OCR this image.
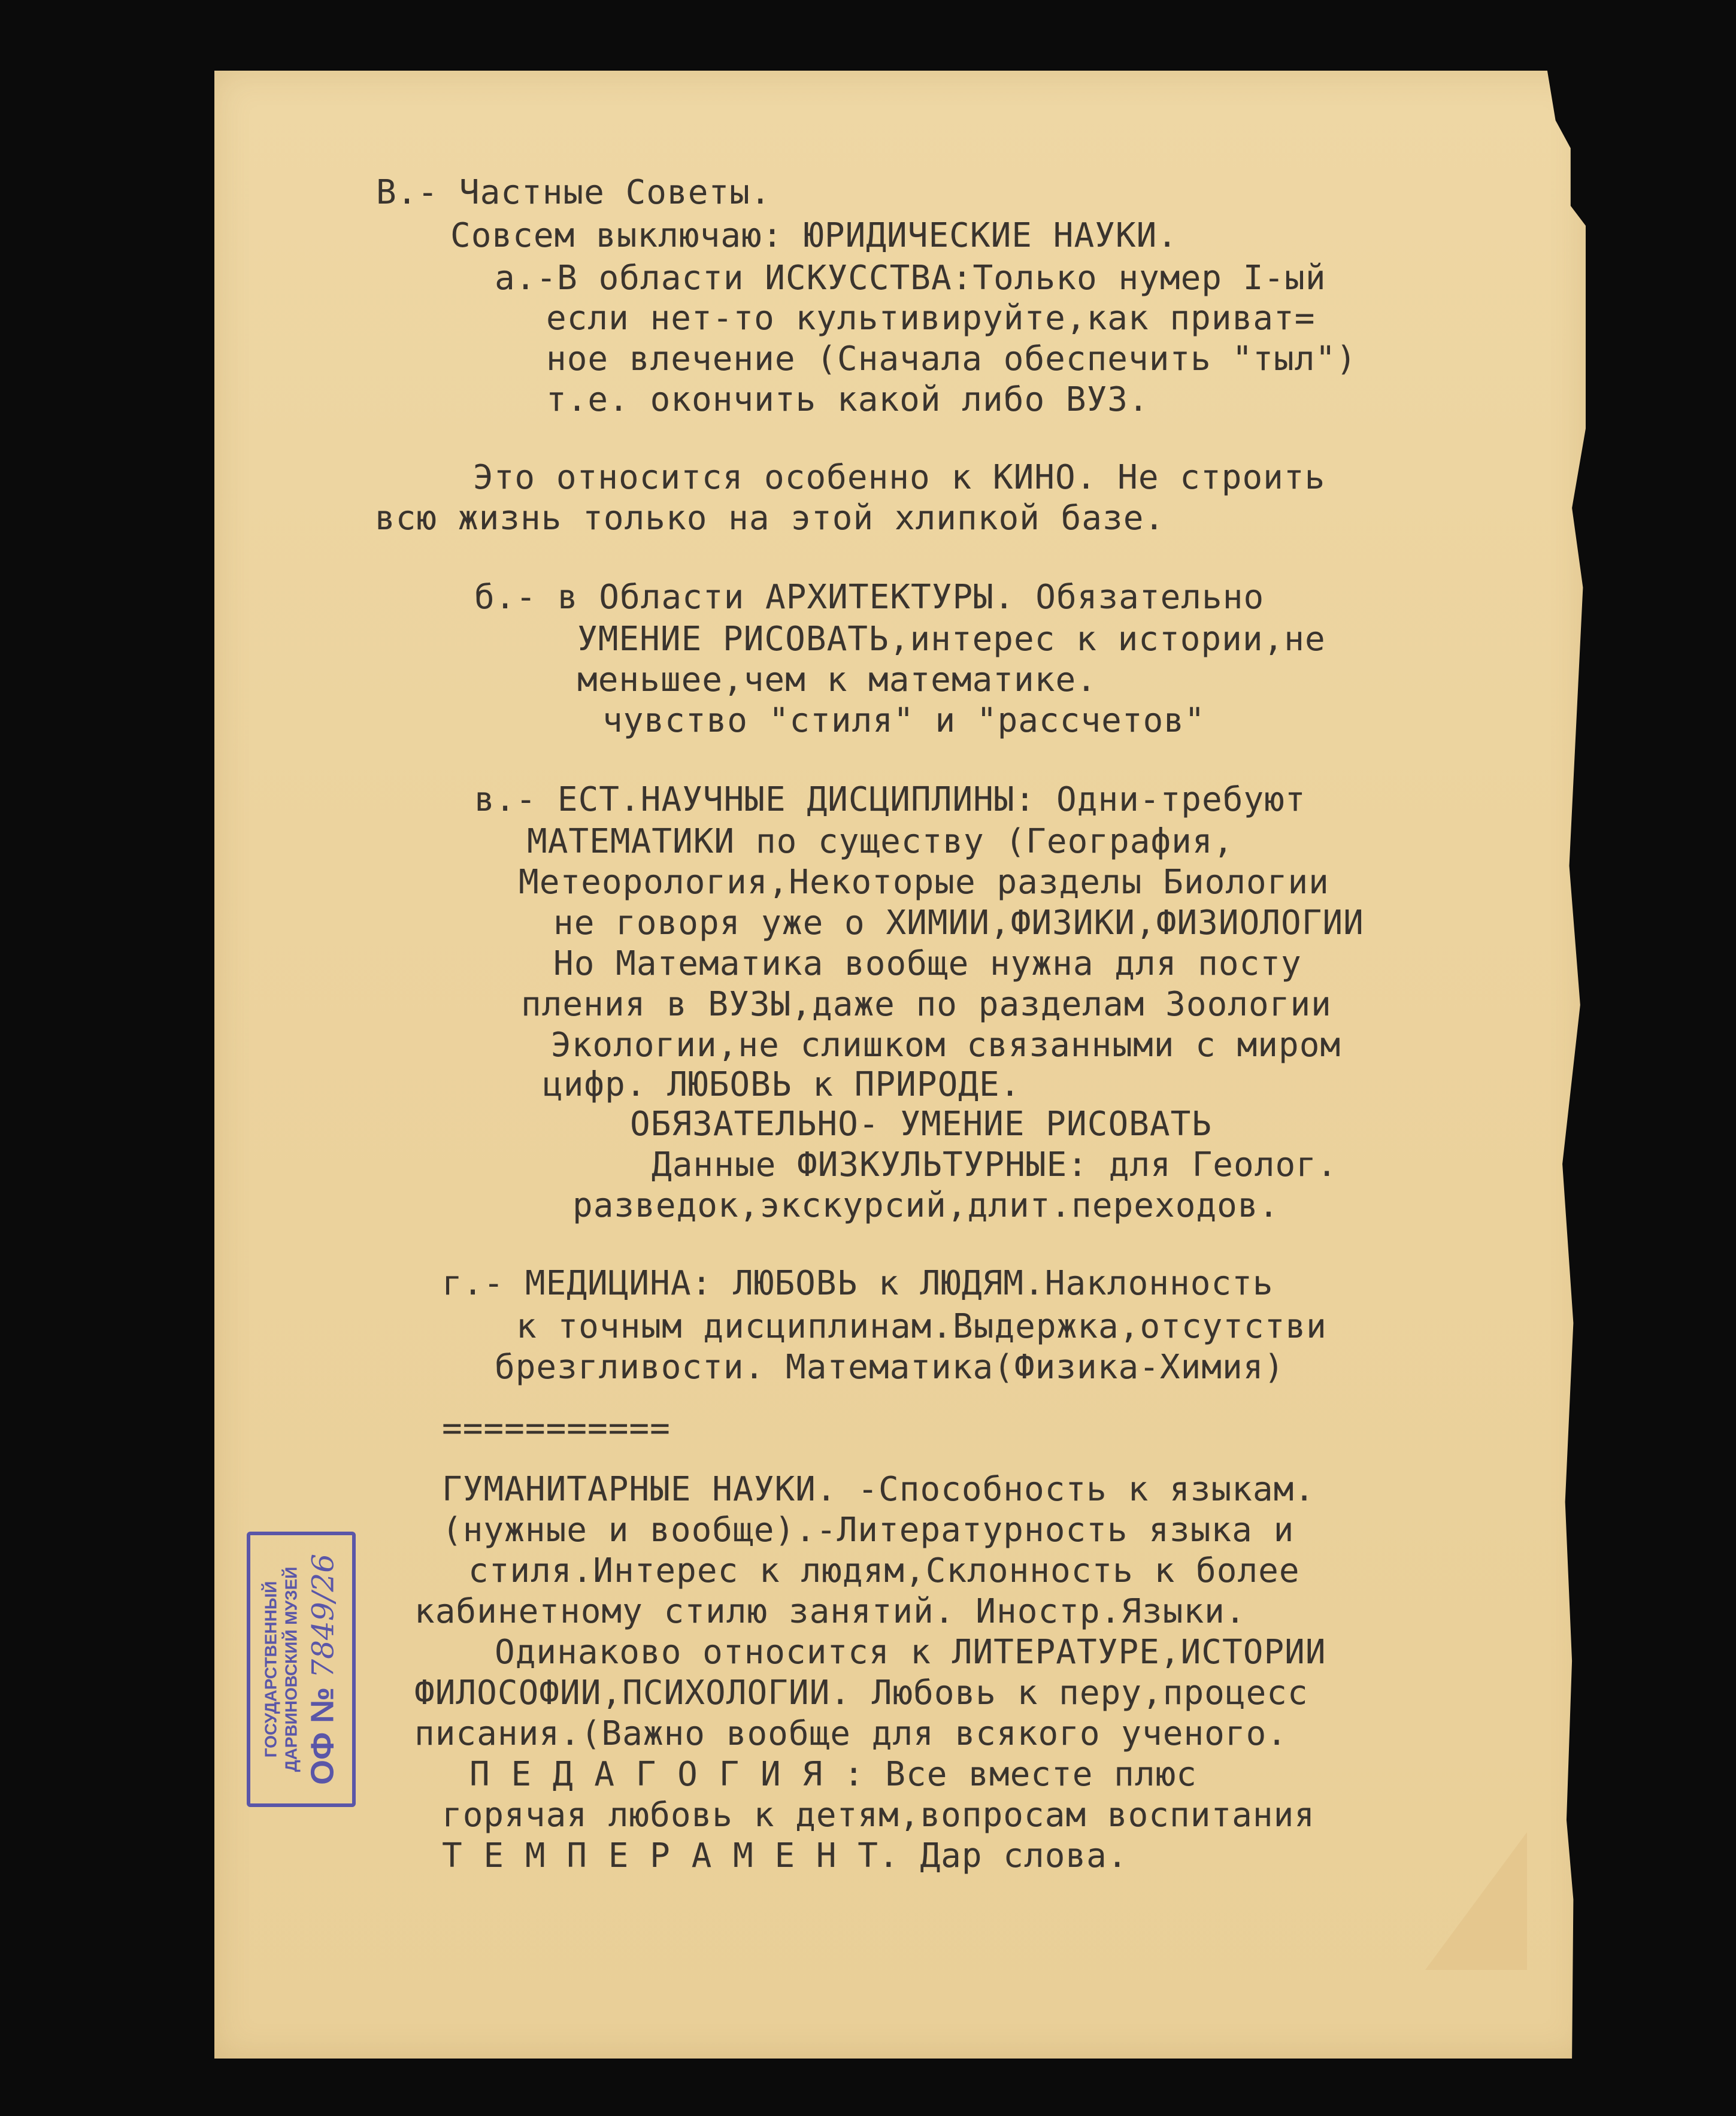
В.- Частные Советы.

Совсем выключаю: ЮРИДИЧЕСКИЕ НАУКИ.

а.-В области ИСКУССТВА:Только нумер I-ый

если нет-то культивируйте,как приват=

ное влечение (Сначала обеспечить "тыл")

т.е. окончить какой либо ВУЗ.

Это относится особенно к КИНО. Не строить

всю жизнь только на этой хлипкой базе.

б.- в Области АРХИТЕКТУРЫ. Обязательно

УМЕНИЕ РИСОВАТЬ,интерес к истории,не

меньшее,чем к математике.

чувство "стиля" и "рассчетов"

в.- ЕСТ.НАУЧНЫЕ ДИСЦИПЛИНЫ: Одни-требуют

МАТЕМАТИКИ по существу (География,

Метеорология,Некоторые разделы Биологии

не говоря уже о ХИМИИ,ФИЗИКИ,ФИЗИОЛОГИИ

Но Математика вообще нужна для посту

пления в ВУЗЫ,даже по разделам Зоологии

Экологии,не слишком связанными с миром

цифр. ЛЮБОВЬ к ПРИРОДЕ.

ОБЯЗАТЕЛЬНО- УМЕНИЕ РИСОВАТЬ

Данные ФИЗКУЛЬТУРНЫЕ: для Геолог.

разведок,экскурсий,длит.переходов.

г.- МЕДИЦИНА: ЛЮБОВЬ к ЛЮДЯМ.Наклонность

к точным дисциплинам.Выдержка,отсутстви

брезгливости. Математика(Физика-Химия)

===========

ГУМАНИТАРНЫЕ НАУКИ. -Способность к языкам.

(нужные и вообще).-Литературность языка и

стиля.Интерес к людям,Склонность к более

кабинетному стилю занятий. Иностр.Языки.

Одинаково относится к ЛИТЕРАТУРЕ,ИСТОРИИ

ФИЛОСОФИИ,ПСИХОЛОГИИ. Любовь к перу,процесс

писания.(Важно вообще для всякого ученого.

П Е Д А Г О Г И Я : Все вместе плюс

горячая любовь к детям,вопросам воспитания

Т Е М П Е Р А М Е Н Т. Дар слова.

ГОСУДАРСТВЕННЫЙ ДАРВИНОВСКИЙ МУЗЕЙ ОФ № 7849/26
